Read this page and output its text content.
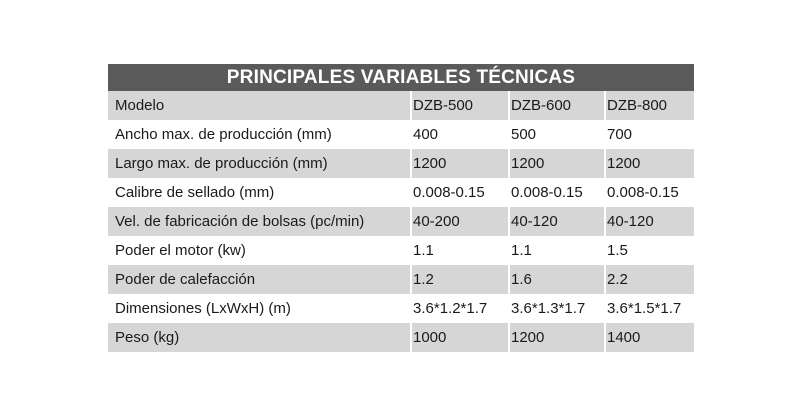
PRINCIPALES VARIABLES TÉCNICAS
Modelo	DZB-500	DZB-600	DZB-800
Ancho max. de producción (mm)	400	500	700
Largo max. de producción (mm)	1200	1200	1200
Calibre de sellado (mm)	0.008-0.15	0.008-0.15	0.008-0.15
Vel. de fabricación de bolsas (pc/min)	40-200	40-120	40-120
Poder el motor (kw)	1.1	1.1	1.5
Poder de calefacción	1.2	1.6	2.2
Dimensiones (LxWxH) (m)	3.6*1.2*1.7	3.6*1.3*1.7	3.6*1.5*1.7
Peso (kg)	1000	1200	1400
